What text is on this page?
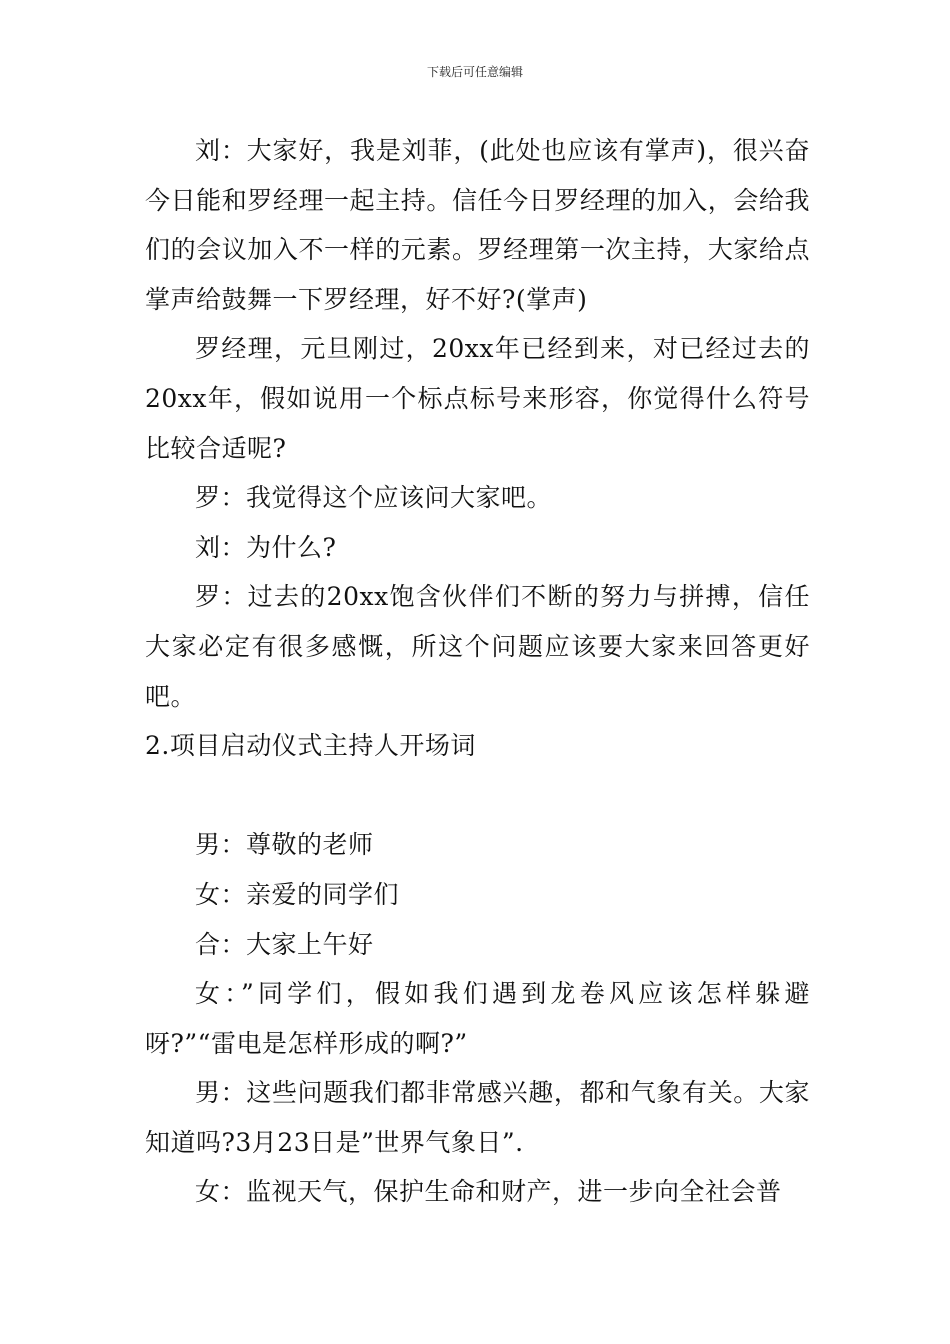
下载后可任意编辑

刘：大家好，我是刘菲，(此处也应该有掌声)，很兴奋今日能和罗经理一起主持。信任今日罗经理的加入，会给我们的会议加入不一样的元素。罗经理第一次主持，大家给点掌声给鼓舞一下罗经理，好不好?(掌声)

罗经理，元旦刚过，20xx年已经到来，对已经过去的20xx年，假如说用一个标点标号来形容，你觉得什么符号比较合适呢?

罗：我觉得这个应该问大家吧。

刘：为什么?

罗：过去的20xx饱含伙伴们不断的努力与拼搏，信任大家必定有很多感慨，所这个问题应该要大家来回答更好吧。

2.项目启动仪式主持人开场词

男：尊敬的老师

女：亲爱的同学们

合：大家上午好

女：”同学们，假如我们遇到龙卷风应该怎样躲避呀?”“雷电是怎样形成的啊?”

男：这些问题我们都非常感兴趣，都和气象有关。大家知道吗?3月23日是”世界气象日”.

女：监视天气，保护生命和财产，进一步向全社会普
